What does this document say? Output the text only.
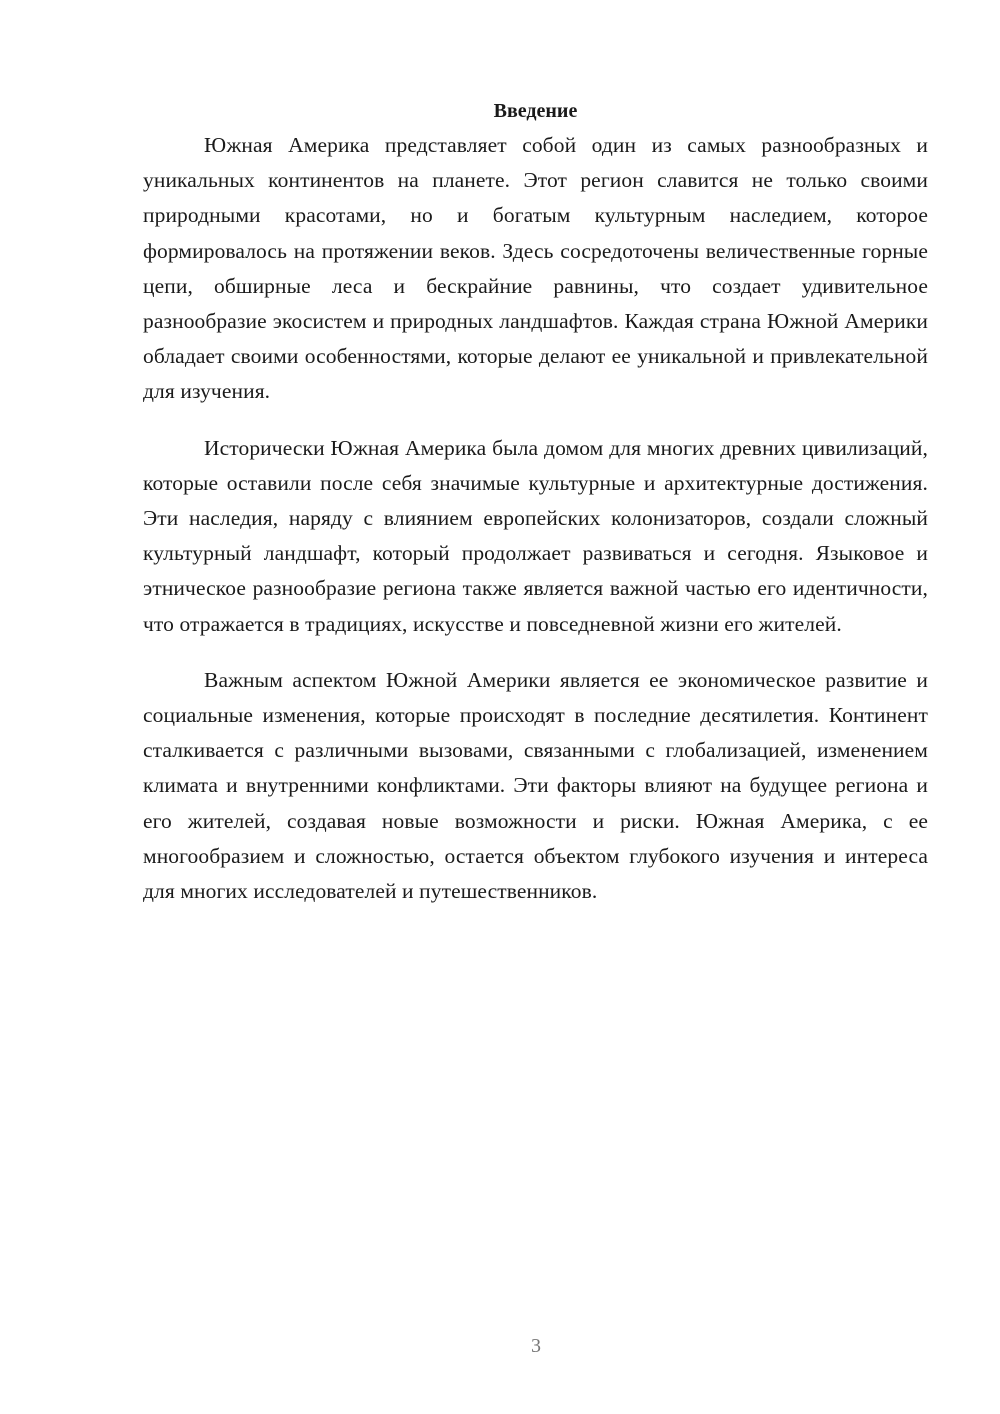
Введение

Южная Америка представляет собой один из самых разнообразных и уникальных континентов на планете. Этот регион славится не только своими природными красотами, но и богатым культурным наследием, которое формировалось на протяжении веков. Здесь сосредоточены величественные горные цепи, обширные леса и бескрайние равнины, что создает удивительное разнообразие экосистем и природных ландшафтов. Каждая страна Южной Америки обладает своими особенностями, которые делают ее уникальной и привлекательной для изучения.

Исторически Южная Америка была домом для многих древних цивилизаций, которые оставили после себя значимые культурные и архитектурные достижения. Эти наследия, наряду с влиянием европейских колонизаторов, создали сложный культурный ландшафт, который продолжает развиваться и сегодня. Языковое и этническое разнообразие региона также является важной частью его идентичности, что отражается в традициях, искусстве и повседневной жизни его жителей.

Важным аспектом Южной Америки является ее экономическое развитие и социальные изменения, которые происходят в последние десятилетия. Континент сталкивается с различными вызовами, связанными с глобализацией, изменением климата и внутренними конфликтами. Эти факторы влияют на будущее региона и его жителей, создавая новые возможности и риски. Южная Америка, с ее многообразием и сложностью, остается объектом глубокого изучения и интереса для многих исследователей и путешественников.

3
